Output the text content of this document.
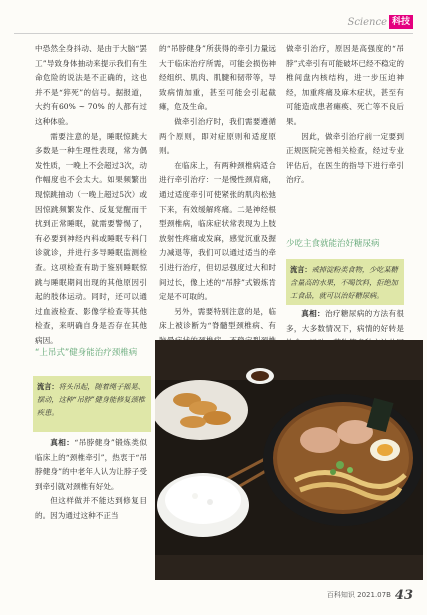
Science 科技

中恐然全身抖动、是由于大脑“罢工”导致身体抽动来提示我们有生命危险的说法是不正确的，这也并不是“猝死”的信号。据报道，大约有60% ~ 70% 的人都有过这种体验。

需要注意的是，睡眠惊跳大多数是一种生理性表现，常为偶发性质，一晚上不会超过3次，动作幅度也不会太大。如果频繁出现惊跳抽动（一晚上超过5次）或因惊跳频繁发作、反复觉醒而干扰到正常睡眠，就需要警惕了，有必要到神经内科或睡眠专科门诊就诊，并进行多导睡眠监测检查。这项检查有助于鉴别睡眠惊跳与睡眠期间出现的其他原因引起的肢体运动。同时，还可以通过血液检查、影像学检查等其他检查，来明确自身是否存在其他病因。

“上吊式”健身能治疗颈椎病
流言：将头吊起，随着绳子摇晃、摆动，这种“吊脖”健身能修复颈椎疾患。

真相：“吊脖健身”锻炼类似临床上的“颈椎牵引”，热衷于“吊脖健身”的中老年人认为让脖子受到牵引就对颈椎有好处。

但这样做并不能达到修复目的。因为通过这种不正当

的“吊脖健身”所获得的牵引力量远大于临床治疗所需，可能会损伤神经组织、肌肉、肌腱和韧带等，导致病情加重，甚至可能会引起截瘫，危及生命。

做牵引治疗时，我们需要遵循两个原则，即对症原则和适度原则。

在临床上，有两种颈椎病适合进行牵引治疗：一是慢性颈肩痛，通过适度牵引可使紧张的肌肉松弛下来，有效缓解疼痛。二是神经根型颈椎病，临床症状常表现为上肢放射性疼痛或发麻，感觉沉重及握力减退等，我们可以通过适当的牵引进行治疗，但切忌强度过大和时间过长，像上述的“吊脖”式锻炼肯定是不可取的。

另外，需要特别注意的是，临床上被诊断为“脊髓型颈椎病、有

做牵引治疗，原因是高强度的“吊脖”式牵引有可能破坏已经不稳定的椎间盘内核结构，进一步压迫神经，加重疼痛及麻木症状，甚至有可能造成患者瘫痪、死亡等不良后果。

因此，做牵引治疗前一定要到正规医院完善相关检查，经过专业评估后，在医生的指导下进行牵引治疗。

少吃主食就能治好糖尿病
流言：戒掉淀粉类食物，少吃某糖含量高的水果，不喝饮料，拒绝加工食品，就可以治好糖尿病。

真相：治疗糖尿病的方法有很多，大多数情况下，病情的好转是

百科知识 2021.07B 43
